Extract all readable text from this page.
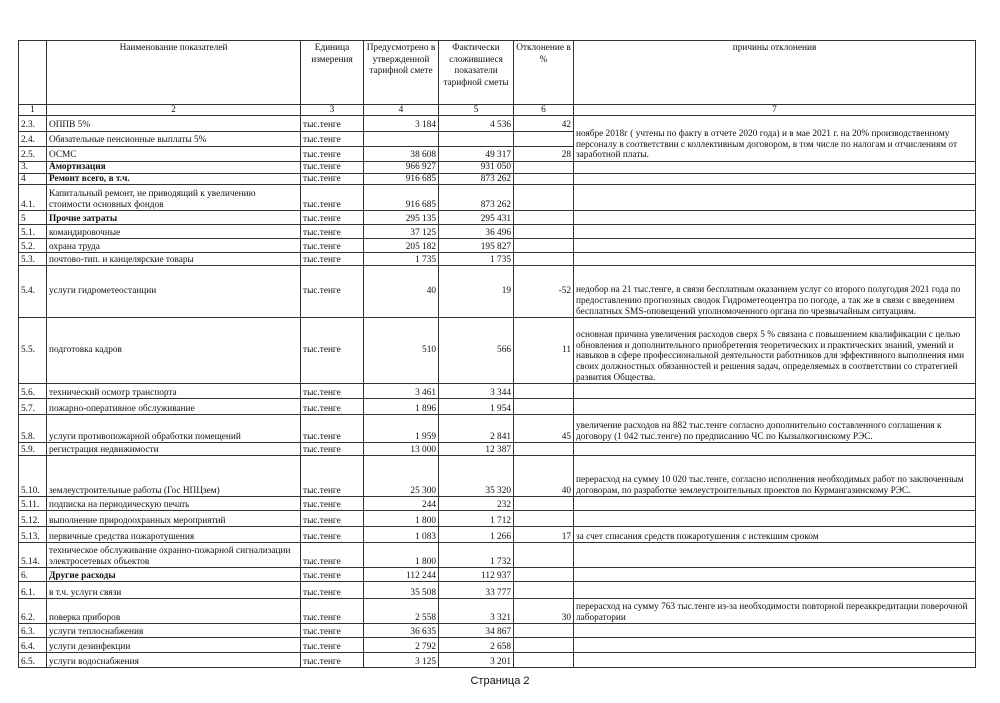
	Наименование показателей	Единица измерения	Предусмотрено в утвержденной тарифной смете	Фактически сложившиеся показатели тарифной сметы	Отклонение в %	причины отклонения
1	2	3	4	5	6	7
2.3.	ОППВ 5%	тыс.тенге	3 184	4 536	42	ноябре 2018г ( учтены по факту в отчете 2020 года) и в мае 2021 г. на 20% производственному персоналу в соответствии с коллективным договором, в том числе по налогам и отчислениям от заработной платы.
2.4.	Обязательные пенсионные выплаты 5%	тыс.тенге				
2.5.	ОСМС	тыс.тенге	38 608	49 317	28	
3.	Амортизация	тыс.тенге	966 927	931 050		
4	Ремонт всего, в т.ч.	тыс.тенге	916 685	873 262		
4.1.	Капитальный ремонт, не приводящий к увеличению стоимости основных фондов	тыс.тенге	916 685	873 262		
5	Прочие затраты	тыс.тенге	295 135	295 431		
5.1.	командировочные	тыс.тенге	37 125	36 496		
5.2.	охрана труда	тыс.тенге	205 182	195 827		
5.3.	почтово-тип. и канцелярские товары	тыс.тенге	1 735	1 735		
5.4.	услуги гидрометеостанции	тыс.тенге	40	19	-52	недобор на 21 тыс.тенге, в связи бесплатным оказанием услуг со второго полугодия 2021 года по предоставлению прогнозных сводок Гидрометеоцентра по погоде, а так же в связи с введением бесплатных SMS-оповещений уполномоченного органа по чрезвычайным ситуациям.
5.5.	подготовка кадров	тыс.тенге	510	566	11	основная причина увеличения расходов сверх 5 % связана с повышением квалификации с целью обновления и дополнительного приобретения теоретических и практических знаний, умений и навыков в сфере профессиональной деятельности работников для эффективного выполнения ими своих должностных обязанностей и решения задач, определяемых в соответствии со стратегией развития Общества.
5.6.	технический осмотр транспорта	тыс.тенге	3 461	3 344		
5.7.	пожарно-оперативное обслуживание	тыс.тенге	1 896	1 954		
5.8.	услуги противопожарной обработки помещений	тыс.тенге	1 959	2 841	45	увеличение расходов на 882 тыс.тенге согласно дополнительно составленного соглашения к договору (1 042 тыс.тенге) по предписанию ЧС по Кызылкогинскому РЭС.
5.9.	регистрация недвижимости	тыс.тенге	13 000	12 387		
5.10.	землеустроительные работы (Гос НПЦзем)	тыс.тенге	25 300	35 320	40	перерасход на сумму 10 020 тыс.тенге, согласно исполнения необходимых работ по заключенным договорам, по разработке землеустроительных проектов по Курмангазинскому РЭС.
5.11.	подписка на периодическую печать	тыс.тенге	244	232		
5.12.	выполнение природоохранных мероприятий	тыс.тенге	1 800	1 712		
5.13.	первичные средства пожаротушения	тыс.тенге	1 083	1 266	17	за счет списания средств пожаротушения с истекшим сроком
5.14.	техническое обслуживание охранно-пожарной сигнализации электросетевых объектов	тыс.тенге	1 800	1 732		
6.	Другие расходы	тыс.тенге	112 244	112 937		
6.1.	в т.ч. услуги связи	тыс.тенге	35 508	33 777		
6.2.	поверка приборов	тыс.тенге	2 558	3 321	30	перерасход на сумму 763 тыс.тенге из-за необходимости повторной переаккредитации поверочной лаборатории
6.3.	услуги теплоснабжения	тыс.тенге	36 635	34 867		
6.4.	услуги дезинфекции	тыс.тенге	2 792	2 658		
6.5.	услуги водоснабжения	тыс.тенге	3 125	3 201		
Страница 2
